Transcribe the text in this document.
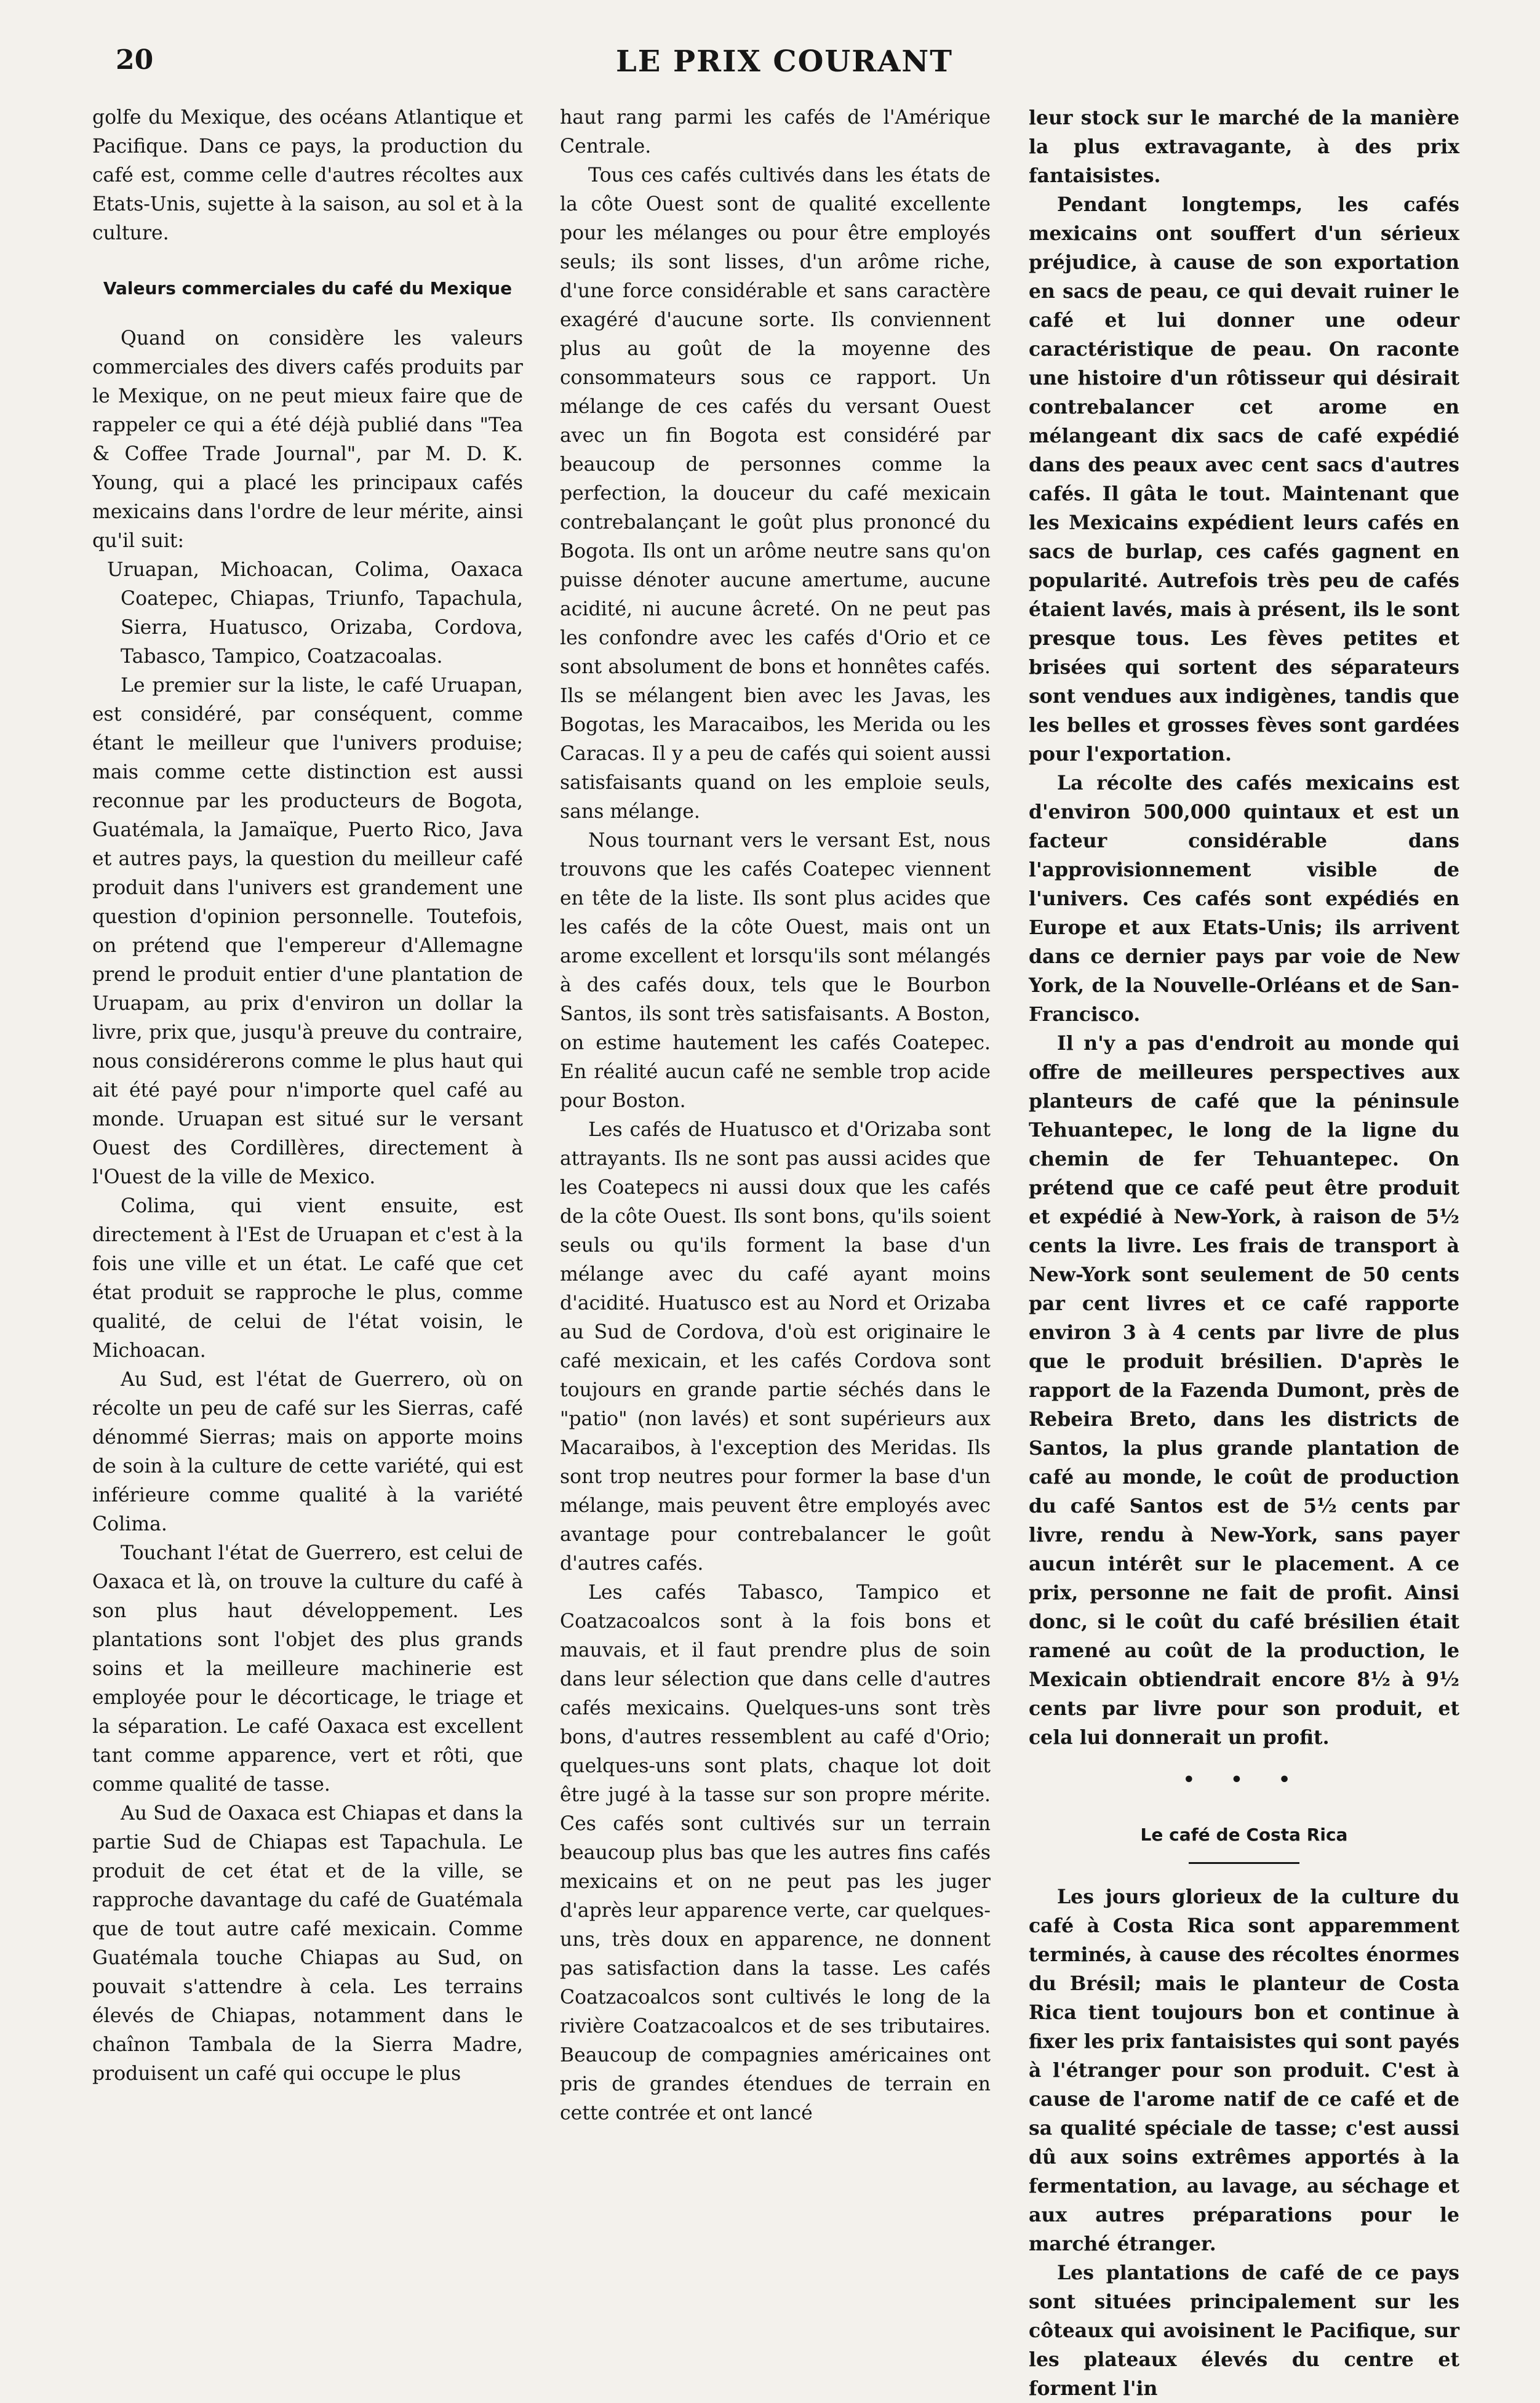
20	LE PRIX COURANT

golfe du Mexique, des océans Atlantique et Pacifique. Dans ce pays, la production du café est, comme celle d'autres récoltes aux Etats-Unis, sujette à la saison, au sol et à la culture.

Valeurs commerciales du café du Mexique

Quand on considère les valeurs commerciales des divers cafés produits par le Mexique, on ne peut mieux faire que de rappeler ce qui a été déjà publié dans "Tea & Coffee Trade Journal", par M. D. K. Young, qui a placé les principaux cafés mexicains dans l'ordre de leur mérite, ainsi qu'il suit:

Uruapan, Michoacan, Colima, Oaxaca Coatepec, Chiapas, Triunfo, Tapachula, Sierra, Huatusco, Orizaba, Cordova, Tabasco, Tampico, Coatzacoalas.

Le premier sur la liste, le café Uruapan, est considéré, par conséquent, comme étant le meilleur que l'univers produise; mais comme cette distinction est aussi reconnue par les producteurs de Bogota, Guatémala, la Jamaïque, Puerto Rico, Java et autres pays, la question du meilleur café produit dans l'univers est grandement une question d'opinion personnelle. Toutefois, on prétend que l'empereur d'Allemagne prend le produit entier d'une plantation de Uruapam, au prix d'environ un dollar la livre, prix que, jusqu'à preuve du contraire, nous considérerons comme le plus haut qui ait été payé pour n'importe quel café au monde. Uruapan est situé sur le versant Ouest des Cordillères, directement à l'Ouest de la ville de Mexico.

Colima, qui vient ensuite, est directement à l'Est de Uruapan et c'est à la fois une ville et un état. Le café que cet état produit se rapproche le plus, comme qualité, de celui de l'état voisin, le Michoacan.

Au Sud, est l'état de Guerrero, où on récolte un peu de café sur les Sierras, café dénommé Sierras; mais on apporte moins de soin à la culture de cette variété, qui est inférieure comme qualité à la variété Colima.

Touchant l'état de Guerrero, est celui de Oaxaca et là, on trouve la culture du café à son plus haut développement. Les plantations sont l'objet des plus grands soins et la meilleure machinerie est employée pour le décorticage, le triage et la séparation. Le café Oaxaca est excellent tant comme apparence, vert et rôti, que comme qualité de tasse.

Au Sud de Oaxaca est Chiapas et dans la partie Sud de Chiapas est Tapachula. Le produit de cet état et de la ville, se rapproche davantage du café de Guatémala que de tout autre café mexicain. Comme Guatémala touche Chiapas au Sud, on pouvait s'attendre à cela. Les terrains élevés de Chiapas, notamment dans le chaînon Tambala de la Sierra Madre, produisent un café qui occupe le plus

haut rang parmi les cafés de l'Amérique Centrale.

Tous ces cafés cultivés dans les états de la côte Ouest sont de qualité excellente pour les mélanges ou pour être employés seuls; ils sont lisses, d'un arôme riche, d'une force considérable et sans caractère exagéré d'aucune sorte. Ils conviennent plus au goût de la moyenne des consommateurs sous ce rapport. Un mélange de ces cafés du versant Ouest avec un fin Bogota est considéré par beaucoup de personnes comme la perfection, la douceur du café mexicain contrebalançant le goût plus prononcé du Bogota. Ils ont un arôme neutre sans qu'on puisse dénoter aucune amertume, aucune acidité, ni aucune âcreté. On ne peut pas les confondre avec les cafés d'Orio et ce sont absolument de bons et honnêtes cafés. Ils se mélangent bien avec les Javas, les Bogotas, les Maracaibos, les Merida ou les Caracas. Il y a peu de cafés qui soient aussi satisfaisants quand on les emploie seuls, sans mélange.

Nous tournant vers le versant Est, nous trouvons que les cafés Coatepec viennent en tête de la liste. Ils sont plus acides que les cafés de la côte Ouest, mais ont un arome excellent et lorsqu'ils sont mélangés à des cafés doux, tels que le Bourbon Santos, ils sont très satisfaisants. A Boston, on estime hautement les cafés Coatepec. En réalité aucun café ne semble trop acide pour Boston.

Les cafés de Huatusco et d'Orizaba sont attrayants. Ils ne sont pas aussi acides que les Coatepecs ni aussi doux que les cafés de la côte Ouest. Ils sont bons, qu'ils soient seuls ou qu'ils forment la base d'un mélange avec du café ayant moins d'acidité. Huatusco est au Nord et Orizaba au Sud de Cordova, d'où est originaire le café mexicain, et les cafés Cordova sont toujours en grande partie séchés dans le "patio" (non lavés) et sont supérieurs aux Macaraibos, à l'exception des Meridas. Ils sont trop neutres pour former la base d'un mélange, mais peuvent être employés avec avantage pour contrebalancer le goût d'autres cafés.

Les cafés Tabasco, Tampico et Coatzacoalcos sont à la fois bons et mauvais, et il faut prendre plus de soin dans leur sélection que dans celle d'autres cafés mexicains. Quelques-uns sont très bons, d'autres ressemblent au café d'Orio; quelques-uns sont plats, chaque lot doit être jugé à la tasse sur son propre mérite. Ces cafés sont cultivés sur un terrain beaucoup plus bas que les autres fins cafés mexicains et on ne peut pas les juger d'après leur apparence verte, car quelques-uns, très doux en apparence, ne donnent pas satisfaction dans la tasse. Les cafés Coatzacoalcos sont cultivés le long de la rivière Coatzacoalcos et de ses tributaires. Beaucoup de compagnies américaines ont pris de grandes étendues de terrain en cette contrée et ont lancé

leur stock sur le marché de la manière la plus extravagante, à des prix fantaisistes.

Pendant longtemps, les cafés mexicains ont souffert d'un sérieux préjudice, à cause de son exportation en sacs de peau, ce qui devait ruiner le café et lui donner une odeur caractéristique de peau. On raconte une histoire d'un rôtisseur qui désirait contrebalancer cet arome en mélangeant dix sacs de café expédié dans des peaux avec cent sacs d'autres cafés. Il gâta le tout. Maintenant que les Mexicains expédient leurs cafés en sacs de burlap, ces cafés gagnent en popularité. Autrefois très peu de cafés étaient lavés, mais à présent, ils le sont presque tous. Les fèves petites et brisées qui sortent des séparateurs sont vendues aux indigènes, tandis que les belles et grosses fèves sont gardées pour l'exportation.

La récolte des cafés mexicains est d'environ 500,000 quintaux et est un facteur considérable dans l'approvisionnement visible de l'univers. Ces cafés sont expédiés en Europe et aux Etats-Unis; ils arrivent dans ce dernier pays par voie de New York, de la Nouvelle-Orléans et de San-Francisco.

Il n'y a pas d'endroit au monde qui offre de meilleures perspectives aux planteurs de café que la péninsule Tehuantepec, le long de la ligne du chemin de fer Tehuantepec. On prétend que ce café peut être produit et expédié à New-York, à raison de 5½ cents la livre. Les frais de transport à New-York sont seulement de 50 cents par cent livres et ce café rapporte environ 3 à 4 cents par livre de plus que le produit brésilien. D'après le rapport de la Fazenda Dumont, près de Rebeira Breto, dans les districts de Santos, la plus grande plantation de café au monde, le coût de production du café Santos est de 5½ cents par livre, rendu à New-York, sans payer aucun intérêt sur le placement. A ce prix, personne ne fait de profit. Ainsi donc, si le coût du café brésilien était ramené au coût de la production, le Mexicain obtiendrait encore 8½ à 9½ cents par livre pour son produit, et cela lui donnerait un profit.

• • •
Le café de Costa Rica

Les jours glorieux de la culture du café à Costa Rica sont apparemment terminés, à cause des récoltes énormes du Brésil; mais le planteur de Costa Rica tient toujours bon et continue à fixer les prix fantaisistes qui sont payés à l'étranger pour son produit. C'est à cause de l'arome natif de ce café et de sa qualité spéciale de tasse; c'est aussi dû aux soins extrêmes apportés à la fermentation, au lavage, au séchage et aux autres préparations pour le marché étranger.

Les plantations de café de ce pays sont situées principalement sur les côteaux qui avoisinent le Pacifique, sur les plateaux élevés du centre et forment l'in
